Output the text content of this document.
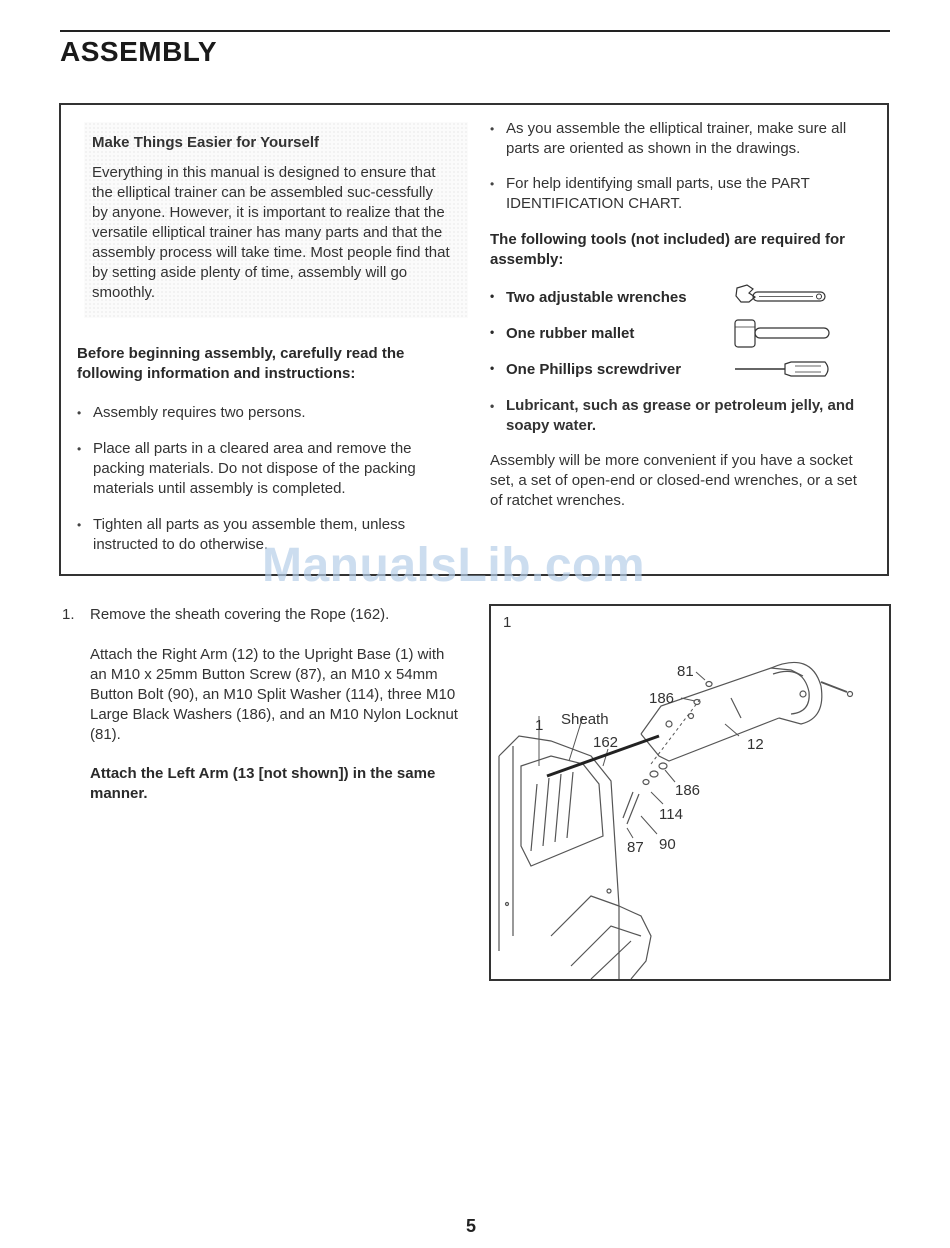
ASSEMBLY
Make Things Easier for Yourself
Everything in this manual is designed to ensure that the elliptical trainer can be assembled suc-cessfully by anyone. However, it is important to realize that the versatile elliptical trainer has many parts and that the assembly process will take time. Most people find that by setting aside plenty of time, assembly will go smoothly.
Before beginning assembly, carefully read the following information and instructions:
• Assembly requires two persons.
• Place all parts in a cleared area and remove the packing materials. Do not dispose of the packing materials until assembly is completed.
• Tighten all parts as you assemble them, unless instructed to do otherwise.
• As you assemble the elliptical trainer, make sure all parts are oriented as shown in the drawings.
• For help identifying small parts, use the PART IDENTIFICATION CHART.
The following tools (not included) are required for assembly:
• Two adjustable wrenches
• One rubber mallet
• One Phillips screwdriver
• Lubricant, such as grease or petroleum jelly, and soapy water.
Assembly will be more convenient if you have a socket set, a set of open-end or closed-end wrenches, or a set of ratchet wrenches.
ManualsLib.com
1. Remove the sheath covering the Rope (162).
Attach the Right Arm (12) to the Upright Base (1) with an M10 x 25mm Button Screw (87), an M10 x 54mm Button Bolt (90), an M10 Split Washer (114), three M10 Large Black Washers (186), and an M10 Nylon Locknut (81).
Attach the Left Arm (13 [not shown]) in the same manner.
1
81
186
1 Sheath
162	12
186
114
87 90
5
